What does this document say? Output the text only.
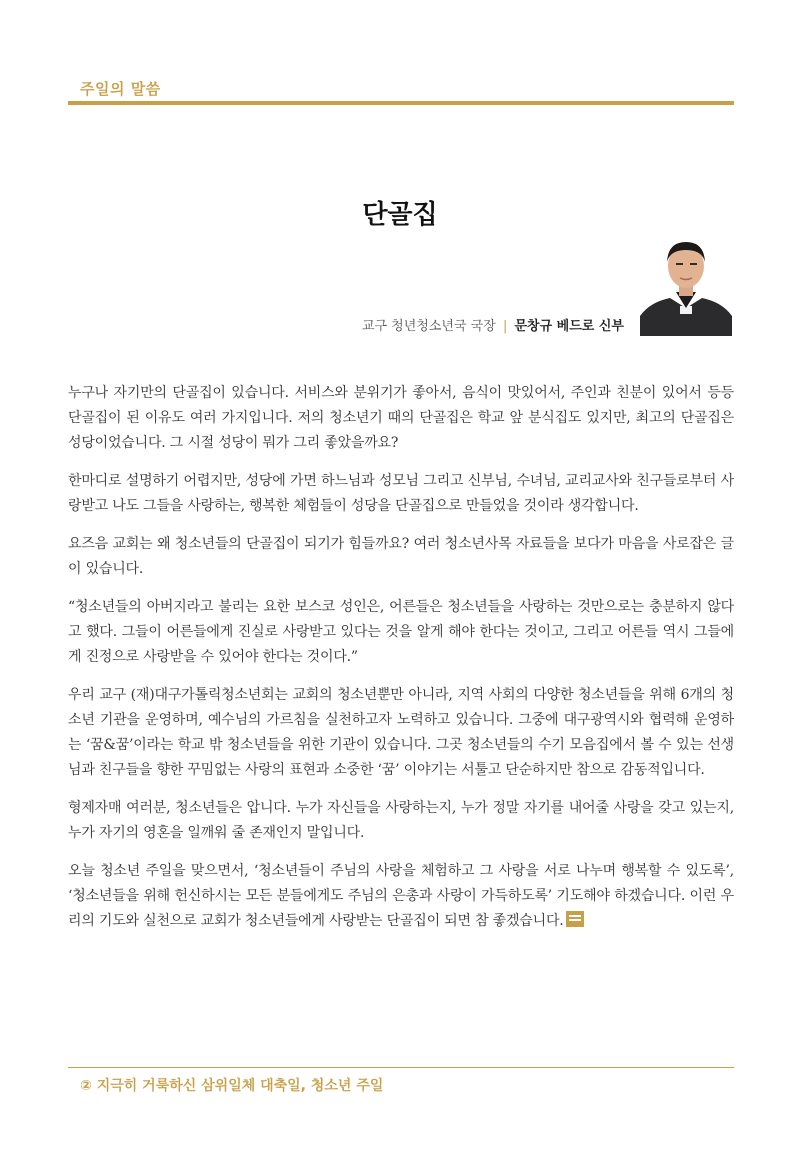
주일의 말씀
단골집
교구 청년청소년국 국장 | 문창규 베드로 신부

누구나 자기만의 단골집이 있습니다. 서비스와 분위기가 좋아서, 음식이 맛있어서, 주인과 친분이 있어서 등등 단골집이 된 이유도 여러 가지입니다. 저의 청소년기 때의 단골집은 학교 앞 분식집도 있지만, 최고의 단골집은 성당이었습니다. 그 시절 성당이 뭐가 그리 좋았을까요?

한마디로 설명하기 어렵지만, 성당에 가면 하느님과 성모님 그리고 신부님, 수녀님, 교리교사와 친구들로부터 사랑받고 나도 그들을 사랑하는, 행복한 체험들이 성당을 단골집으로 만들었을 것이라 생각합니다.

요즈음 교회는 왜 청소년들의 단골집이 되기가 힘들까요? 여러 청소년사목 자료들을 보다가 마음을 사로잡은 글이 있습니다.

“청소년들의 아버지라고 불리는 요한 보스코 성인은, 어른들은 청소년들을 사랑하는 것만으로는 충분하지 않다고 했다. 그들이 어른들에게 진실로 사랑받고 있다는 것을 알게 해야 한다는 것이고, 그리고 어른들 역시 그들에게 진정으로 사랑받을 수 있어야 한다는 것이다.”

우리 교구 (재)대구가톨릭청소년회는 교회의 청소년뿐만 아니라, 지역 사회의 다양한 청소년들을 위해 6개의 청소년 기관을 운영하며, 예수님의 가르침을 실천하고자 노력하고 있습니다. 그중에 대구광역시와 협력해 운영하는 ‘꿈&꿈’이라는 학교 밖 청소년들을 위한 기관이 있습니다. 그곳 청소년들의 수기 모음집에서 볼 수 있는 선생님과 친구들을 향한 꾸밈없는 사랑의 표현과 소중한 ‘꿈’ 이야기는 서툴고 단순하지만 참으로 감동적입니다.

형제자매 여러분, 청소년들은 압니다. 누가 자신들을 사랑하는지, 누가 정말 자기를 내어줄 사랑을 갖고 있는지, 누가 자기의 영혼을 일깨워 줄 존재인지 말입니다.

오늘 청소년 주일을 맞으면서, ‘청소년들이 주님의 사랑을 체험하고 그 사랑을 서로 나누며 행복할 수 있도록’, ‘청소년들을 위해 헌신하시는 모든 분들에게도 주님의 은총과 사랑이 가득하도록’ 기도해야 하겠습니다. 이런 우리의 기도와 실천으로 교회가 청소년들에게 사랑받는 단골집이 되면 참 좋겠습니다.

② 지극히 거룩하신 삼위일체 대축일, 청소년 주일
